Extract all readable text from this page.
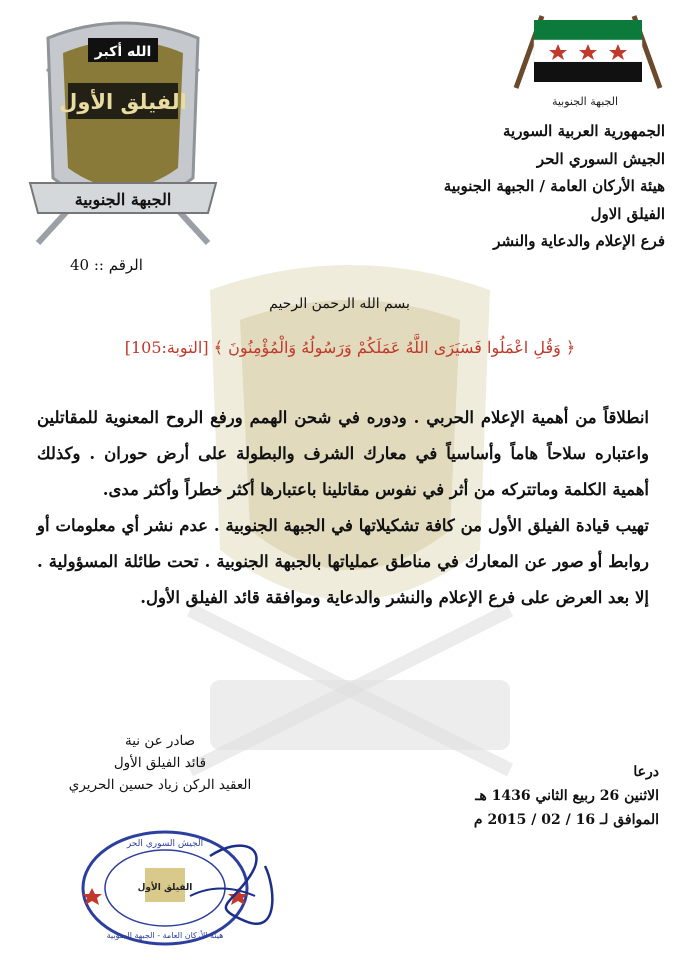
الجبهة الجنوبية
الجمهورية العربية السورية
الجيش السوري الحر
هيئة الأركان العامة / الجبهة الجنوبية
الفيلق الاول
فرع الإعلام والدعاية والنشر
الله أكبر
الفيلق الأول
الجبهة الجنوبية
الرقم :: 40
بسم الله الرحمن الرحيم
﴿ وَقُلِ اعْمَلُوا فَسَيَرَى اللَّهُ عَمَلَكُمْ وَرَسُولُهُ وَالْمُؤْمِنُونَ ﴾ [التوبة:105]

انطلاقاً من أهمية الإعلام الحربي . ودوره في شحن الهمم ورفع الروح المعنوية للمقاتلين واعتباره سلاحاً هاماً وأساسياً في معارك الشرف والبطولة على أرض حوران . وكذلك أهمية الكلمة وماتتركه من أثر في نفوس مقاتلينا باعتبارها أكثر خطراً وأكثر مدى.

تهيب قيادة الفيلق الأول من كافة تشكيلاتها في الجبهة الجنوبية . عدم نشر أي معلومات أو روابط أو صور عن المعارك في مناطق عملياتها بالجبهة الجنوبية . تحت طائلة المسؤولية . إلا بعد العرض على فرع الإعلام والنشر والدعاية وموافقة قائد الفيلق الأول.

صادر عن نية
قائد الفيلق الأول
العقيد الركن زياد حسين الحريري
درعا
الاثنين 26 ربيع الثاني 1436 هـ
الموافق لـ 16 / 02 / 2015 م
الجيش السوري الحر
هيئة الأركان العامة - الجبهة الجنوبية
الفيلق الأول
